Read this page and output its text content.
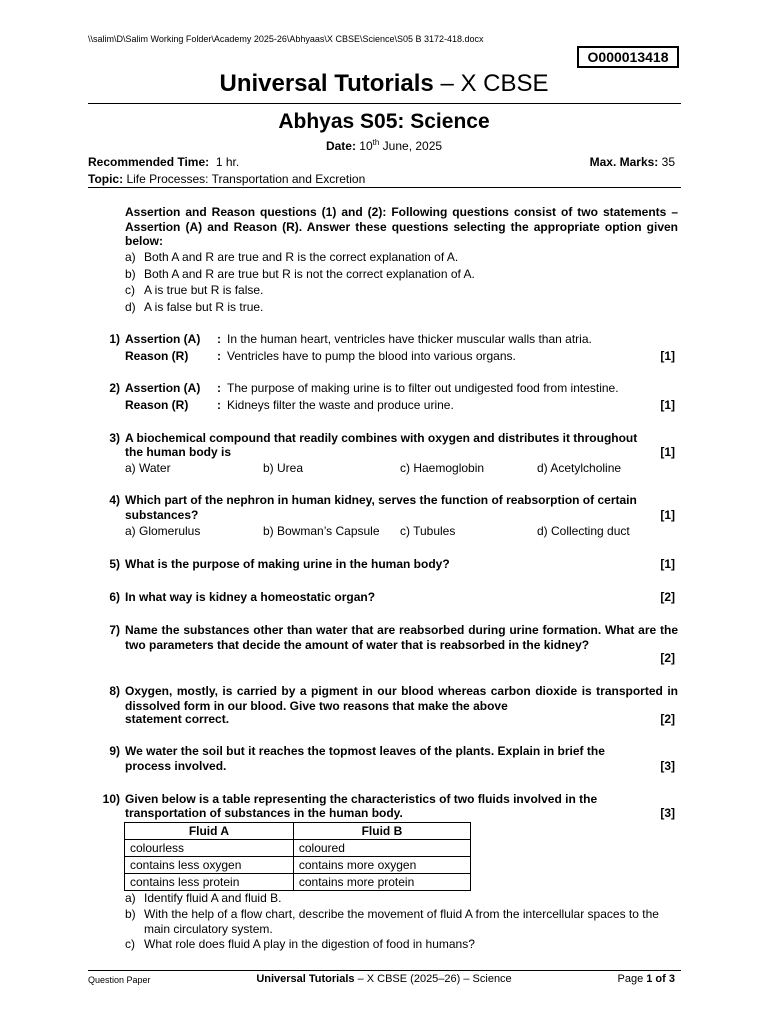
\\salim\D\Salim Working Folder\Academy 2025-26\Abhyaas\X CBSE\Science\S05 B 3172-418.docx
O000013418
Universal Tutorials – X CBSE
Abhyas S05: Science
Date: 10th June, 2025
Recommended Time: 1 hr.	Max. Marks: 35
Topic: Life Processes: Transportation and Excretion
Assertion and Reason questions (1) and (2): Following questions consist of two statements – Assertion (A) and Reason (R). Answer these questions selecting the appropriate option given below:
a) Both A and R are true and R is the correct explanation of A.
b) Both A and R are true but R is not the correct explanation of A.
c) A is true but R is false.
d) A is false but R is true.
1) Assertion (A) : In the human heart, ventricles have thicker muscular walls than atria.
Reason (R) : Ventricles have to pump the blood into various organs.	[1]
2) Assertion (A) : The purpose of making urine is to filter out undigested food from intestine.
Reason (R) : Kidneys filter the waste and produce urine.	[1]
3) A biochemical compound that readily combines with oxygen and distributes it throughout
the human body is	[1]
a) Water	b) Urea	c) Haemoglobin	d) Acetylcholine
4) Which part of the nephron in human kidney, serves the function of reabsorption of certain
substances?	[1]
a) Glomerulus	b) Bowman’s Capsule c) Tubules	d) Collecting duct
5) What is the purpose of making urine in the human body?	[1]
6) In what way is kidney a homeostatic organ?	[2]
7) Name the substances other than water that are reabsorbed during urine formation. What are the two parameters that decide the amount of water that is reabsorbed in the kidney?
[2]
8) Oxygen, mostly, is carried by a pigment in our blood whereas carbon dioxide is transported in dissolved form in our blood. Give two reasons that make the above
statement correct.	[2]
9) We water the soil but it reaches the topmost leaves of the plants. Explain in brief the
process involved.	[3]
10) Given below is a table representing the characteristics of two fluids involved in the
transportation of substances in the human body.	[3]
Fluid A	Fluid B
colourless	coloured
contains less oxygen	contains more oxygen
contains less protein	contains more protein
a) Identify fluid A and fluid B.
b) With the help of a flow chart, describe the movement of fluid A from the intercellular spaces to the main circulatory system.
c) What role does fluid A play in the digestion of food in humans?
Question Paper	Universal Tutorials – X CBSE (2025–26) – Science	Page 1 of 3
